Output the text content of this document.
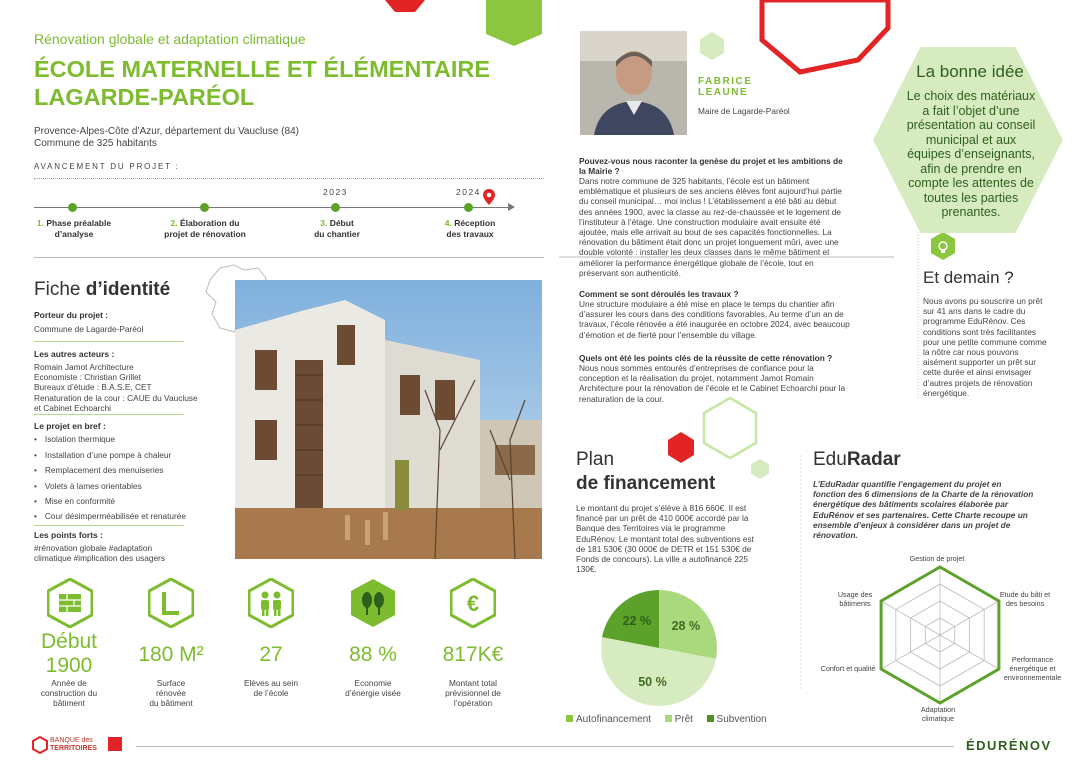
La bonne idée
Le choix des matériaux
a fait l’objet d’une
présentation au conseil
municipal et aux
équipes d’enseignants,
afin de prendre en
compte les attentes de
toutes les parties
prenantes.
Rénovation globale et adaptation climatique
ÉCOLE MATERNELLE ET ÉLÉMENTAIRE LAGARDE-PARÉOL
Provence-Alpes-Côte d’Azur, département du Vaucluse (84)
Commune de 325 habitants
AVANCEMENT DU PROJET :
2023	2024
1. Phase préalable
d’analyse
2. Élaboration du
projet de rénovation
3. Début
du chantier
4. Réception
des travaux
Fiche d’identité
Porteur du projet :
Commune de Lagarde-Paréol
Les autres acteurs :
Romain Jamot Architecture
Economiste : Christian Grillet
Bureaux d’étude : B.A.S.E, CET
Renaturation de la cour : CAUE du Vaucluse
et Cabinet Echoarchi
Le projet en bref :
• Isolation thermique
• Installation d’une pompe à chaleur
• Remplacement des menuiseries
• Volets à lames orientables
• Mise en conformité
• Cour désimperméabilisée et renaturée
Les points forts :
#rénovation globale #adaptation
climatique #implication des usagers
€
Début
1900	180 M²	27	88 %	817K€
Année de
construction du
bâtiment
Surface
rénovée
du bâtiment
Elèves au sein
de l’école
Economie
d’énergie visée
Montant total
prévisionnel de
l’opération
BANQUE des
TERRITOIRES	ÉDURÉNOV
FABRICE
LEAUNE
Maire de Lagarde-Paréol
Pouvez-vous nous raconter la genèse du projet et les ambitions de
la Mairie ?
Dans notre commune de 325 habitants, l’école est un bâtiment
emblématique et plusieurs de ses anciens élèves font aujourd’hui partie
du conseil municipal… moi inclus ! L’établissement a été bâti au début
des années 1900, avec la classe au rez-de-chaussée et le logement de
l’instituteur à l’étage. Une construction modulaire avait ensuite été
ajoutée, mais elle arrivait au bout de ses capacités fonctionnelles. La
rénovation du bâtiment était donc un projet longuement mûri, avec une
double volonté : installer les deux classes dans le même bâtiment et
améliorer la performance énergétique globale de l’école, tout en
préservant son authenticité.
Comment se sont déroulés les travaux ?
Une structure modulaire a été mise en place le temps du chantier afin
d’assurer les cours dans des conditions favorables. Au terme d’un an de
travaux, l’école rénovée a été inaugurée en octobre 2024, avec beaucoup
d’émotion et de fierté pour l’ensemble du village.
Quels ont été les points clés de la réussite de cette rénovation ?
Nous nous sommes entourés d’entreprises de confiance pour la
conception et la réalisation du projet, notamment Jamot Romain
Architecture pour la rénovation de l’école et le Cabinet Echoarchi pour la
renaturation de la cour.
Plan
de financement
Le montant du projet s’élève à 816 660€. Il est
financé par un prêt de 410 000€ accordé par la
Banque des Territoires via le programme
EduRénov. Le montant total des subventions est
de 181 530€ (30 000€ de DETR et 151 530€ de
Fonds de concours). La ville a autofinancé 225
130€.
28 %
50 %
22 %
Autofinancement Prêt Subvention
Et demain ?
Nous avons pu souscrire un prêt
sur 41 ans dans le cadre du
programme EduRénov. Ces
conditions sont très facilitantes
pour une petite commune comme
la nôtre car nous pouvons
aisément supporter un prêt sur
cette durée et ainsi envisager
d’autres projets de rénovation
énergétique.
EduRadar
L’EduRadar quantifie l’engagement du projet en
fonction des 6 dimensions de la Charte de la rénovation
énergétique des bâtiments scolaires élaborée par
EduRénov et ses partenaires. Cette Charte recoupe un
ensemble d’enjeux à considérer dans un projet de
rénovation.
Gestion de projet
Etude du bâti et
des besoins
Performance
énergétique et
environnementale
Adaptation
climatique
Confort et qualité
Usage des
bâtiments
